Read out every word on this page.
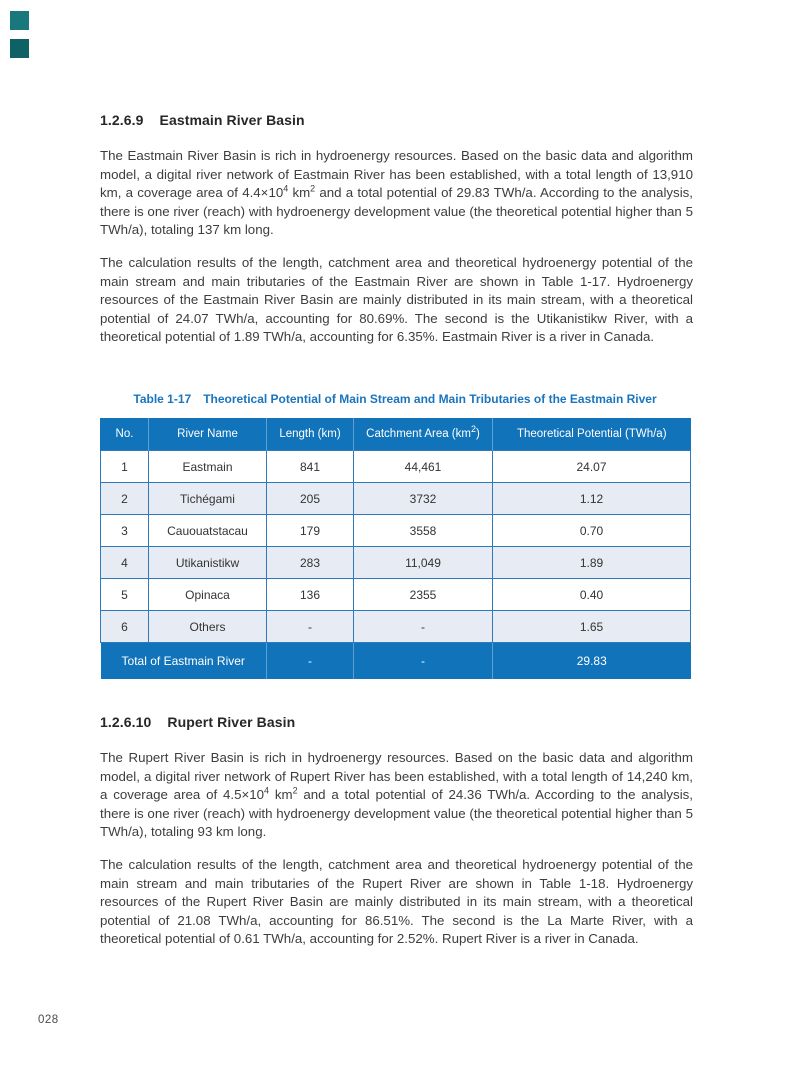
1.2.6.9 Eastmain River Basin

The Eastmain River Basin is rich in hydroenergy resources. Based on the basic data and algorithm model, a digital river network of Eastmain River has been established, with a total length of 13,910 km, a coverage area of $4.4\times 10^4$ $km^2$ and a total potential of 29.83 TWh/a. According to the analysis, there is one river (reach) with hydroenergy development value (the theoretical potential higher than 5 TWh/a), totaling 137 km long.

The calculation results of the length, catchment area and theoretical hydroenergy potential of the main stream and main tributaries of the Eastmain River are shown in Table 1-17. Hydroenergy resources of the Eastmain River Basin are mainly distributed in its main stream, with a theoretical potential of 24.07 TWh/a, accounting for 80.69%. The second is the Utikanistikw River, with a theoretical potential of 1.89 TWh/a, accounting for 6.35%. Eastmain River is a river in Canada.

Table 1-17 Theoretical Potential of Main Stream and Main Tributaries of the Eastmain River
No.	River Name	Length (km)	Catchment Area $(km^2)$	Theoretical Potential (TWh/a)
1	Eastmain	841	44,461	24.07
2	Tichégami	205	3732	1.12
3	Cauouatstacau	179	3558	0.70
4	Utikanistikw	283	11,049	1.89
5	Opinaca	136	2355	0.40
6	Others	-	-	1.65
Total of Eastmain River		-	-	29.83
1.2.6.10 Rupert River Basin

The Rupert River Basin is rich in hydroenergy resources. Based on the basic data and algorithm model, a digital river network of Rupert River has been established, with a total length of 14,240 km, a coverage area of $4.5\times 10^4$ $km^2$ and a total potential of 24.36 TWh/a. According to the analysis, there is one river (reach) with hydroenergy development value (the theoretical potential higher than 5 TWh/a), totaling 93 km long.

The calculation results of the length, catchment area and theoretical hydroenergy potential of the main stream and main tributaries of the Rupert River are shown in Table 1-18. Hydroenergy resources of the Rupert River Basin are mainly distributed in its main stream, with a theoretical potential of 21.08 TWh/a, accounting for 86.51%. The second is the La Marte River, with a theoretical potential of 0.61 TWh/a, accounting for 2.52%. Rupert River is a river in Canada.

028
